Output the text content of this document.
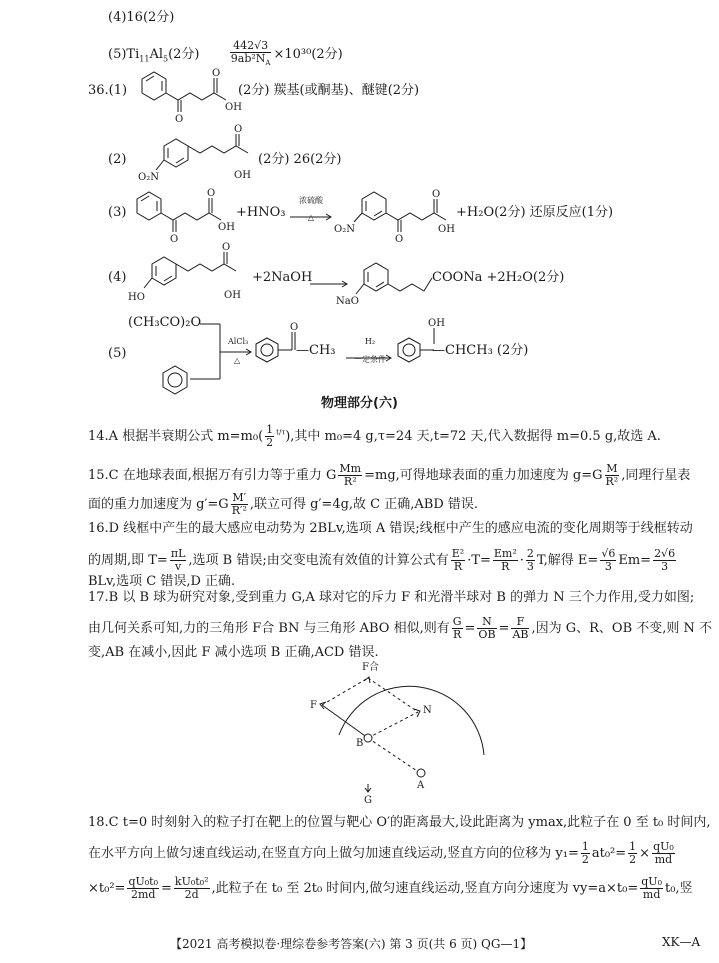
(4)16(2分)
$(5)Ti_{11}Al_5(2$分)	$\frac{442√3}{9ab^2N_A} \times 10^{30}(2$分)
36.(1)
O
O
OH
(2分) 羰基(或酮基)、醚键(2分)
(2)
O₂N
O
OH
(2分) 26(2分)
(3)
O
O
OH
+HNO₃
浓硫酸
△
O₂N
O
O
OH
+H₂O(2分) 还原反应(1分)
(4)
HO
O
OH
+2NaOH
NaO
COONa +2H₂O(2分)
(CH₃CO)₂O
(5)
AlCl₃
△
O
—CH₃
H₂
一定条件
OH
—CHCH₃ (2分)
物理部分(六)
14.A 根据半衰期公式 $m=m_0( \frac{1}{2} ^{t/\tau})$,其中 m₀=4 g,τ=24 天,t=72 天,代入数据得 m=0.5 g,故选 A.
15.C 在地球表面,根据万有引力等于重力 G $\frac{Mm}{\text{R²}} =mg$,可得地球表面的重力加速度为 $g=G \frac{M}{\text{R²}}$ ,同理行星表
面的重力加速度为 $g'=G \frac{M'}{\text{R′²}}$ ,联立可得 g′=4g,故 C 正确,ABD 错误.
16.D 线框中产生的最大感应电动势为 2BLv,选项 A 错误;线框中产生的感应电流的变化周期等于线框转动
的周期,即 $T= \frac{\pi L}{v}$ ,选项 B 错误;由交变电流有效值的计算公式有 $\frac{\text{E²}}{R} \cdot T= \frac{\text{Em²}}{R} \cdot \frac{2}{3} T$,解得 $E= \frac{√6}{3} Em= \frac{2√6}{3}$
BLv,选项 C 错误,D 正确.
17.B 以 B 球为研究对象,受到重力 G,A 球对它的斥力 F 和光滑半球对 B 的弹力 N 三个力作用,受力如图;
由几何关系可知,力的三角形 F合 BN 与三角形 ABO 相似,则有 $\frac{G}{R} = \frac{N}{OB} = \frac{F}{AB}$ ,因为 G、R、OB 不变,则 N 不
变,AB 在减小,因此 F 减小选项 B 正确,ACD 错误.
F合
F	N
B
A
G
18.C t=0 时刻射入的粒子打在靶上的位置与靶心 O′的距离最大,设此距离为 ymax,此粒子在 0 至 t₀ 时间内,
在水平方向上做匀速直线运动,在竖直方向上做匀加速直线运动,竖直方向的位移为 $y_1= \frac{1}{2} at_0^2= \frac{1}{2} \times \frac{\text{qU₀}}{md}$
$\times t_0^2= \frac{\text{qU₀t₀}}{2md} = \frac{\text{kU₀t₀²}}{2d}$ ,此粒子在 t₀ 至 2t₀ 时间内,做匀速直线运动,竖直方向分速度为 $vy=a\times t_0= \frac{\text{qU₀}}{md} t_0$,竖
【2021 高考模拟卷·理综卷参考答案(六) 第 3 页(共 6 页) QG—1】	XK—A
